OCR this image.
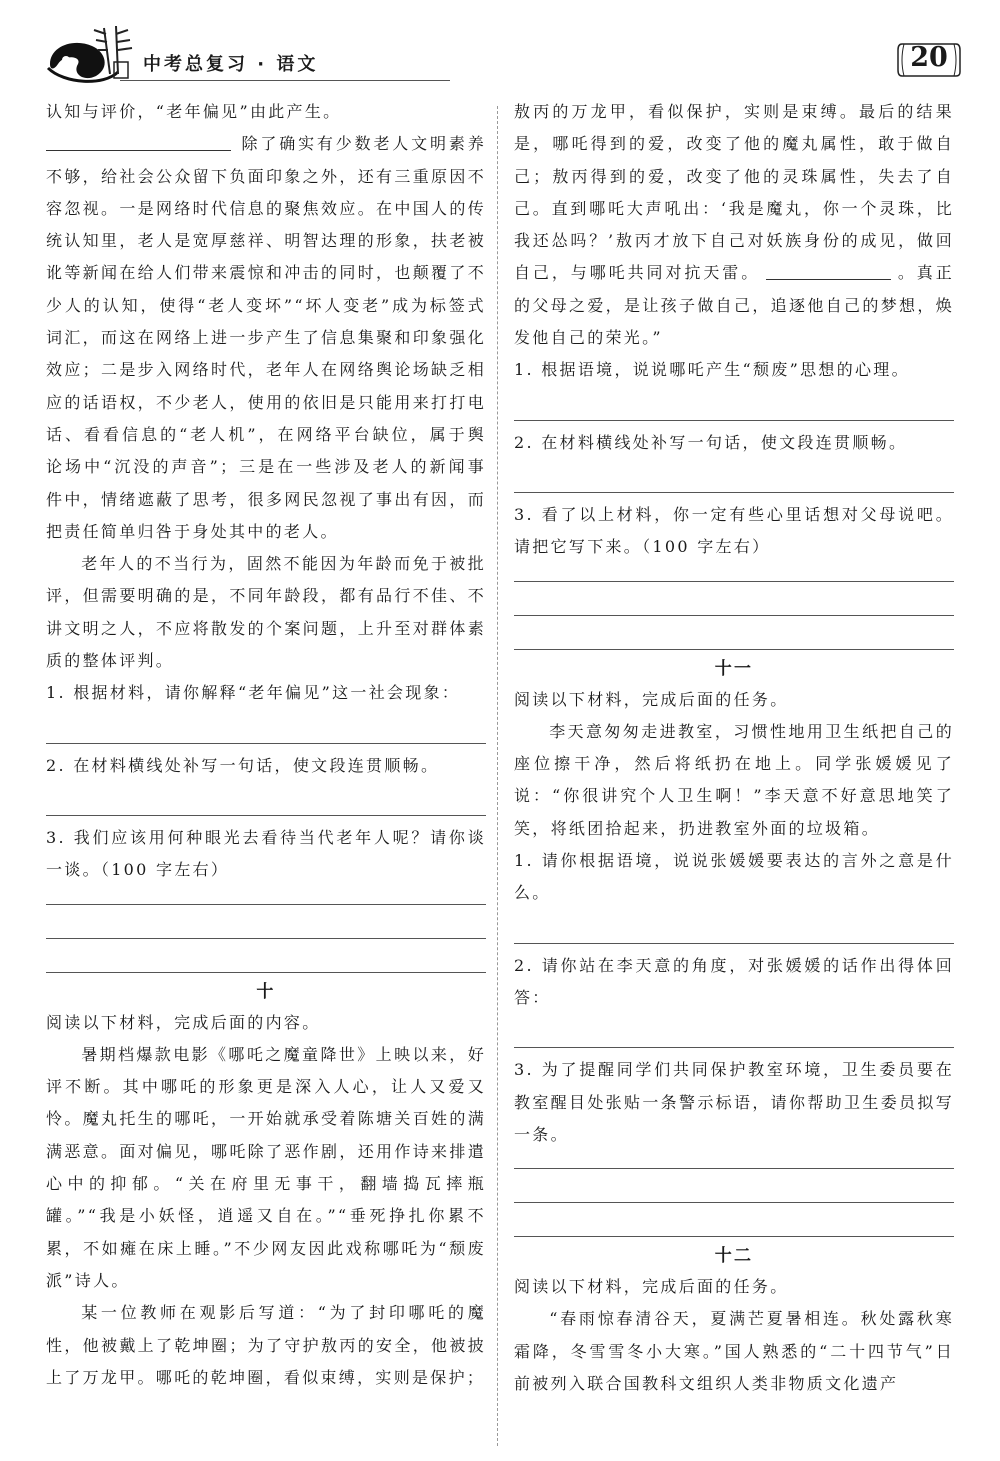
中考总复习 · 语文	20

认知与评价，“老年偏见”由此产生。

除了确实有少数老人文明素养不够，给社会公众留下负面印象之外，还有三重原因不容忽视。一是网络时代信息的聚焦效应。在中国人的传统认知里，老人是宽厚慈祥、明智达理的形象，扶老被讹等新闻在给人们带来震惊和冲击的同时，也颠覆了不少人的认知，使得“老人变坏”“坏人变老”成为标签式词汇，而这在网络上进一步产生了信息集聚和印象强化效应；二是步入网络时代，老年人在网络舆论场缺乏相应的话语权，不少老人，使用的依旧是只能用来打打电话、看看信息的“老人机”，在网络平台缺位，属于舆论场中“沉没的声音”；三是在一些涉及老人的新闻事件中，情绪遮蔽了思考，很多网民忽视了事出有因，而把责任简单归咎于身处其中的老人。

老年人的不当行为，固然不能因为年龄而免于被批评，但需要明确的是，不同年龄段，都有品行不佳、不讲文明之人，不应将散发的个案问题，上升至对群体素质的整体评判。

1. 根据材料，请你解释“老年偏见”这一社会现象：

2. 在材料横线处补写一句话，使文段连贯顺畅。

3. 我们应该用何种眼光去看待当代老年人呢？请你谈一谈。（100 字左右）

十

阅读以下材料，完成后面的内容。

暑期档爆款电影《哪吒之魔童降世》上映以来，好评不断。其中哪吒的形象更是深入人心，让人又爱又怜。魔丸托生的哪吒，一开始就承受着陈塘关百姓的满满恶意。面对偏见，哪吒除了恶作剧，还用作诗来排遣心中的抑郁。“关在府里无事干，翻墙捣瓦摔瓶罐。”“我是小妖怪，逍遥又自在。”“垂死挣扎你累不累，不如瘫在床上睡。”不少网友因此戏称哪吒为“颓废派”诗人。

某一位教师在观影后写道：“为了封印哪吒的魔性，他被戴上了乾坤圈；为了守护敖丙的安全，他被披上了万龙甲。哪吒的乾坤圈，看似束缚，实则是保护；

敖丙的万龙甲，看似保护，实则是束缚。最后的结果是，哪吒得到的爱，改变了他的魔丸属性，敢于做自己；敖丙得到的爱，改变了他的灵珠属性，失去了自己。直到哪吒大声吼出：‘我是魔丸，你一个灵珠，比我还怂吗？’敖丙才放下自己对妖族身份的成见，做回自己，与哪吒共同对抗天雷。	。真正的父母之爱，是让孩子做自己，追逐他自己的梦想，焕发他自己的荣光。”

1. 根据语境，说说哪吒产生“颓废”思想的心理。

2. 在材料横线处补写一句话，使文段连贯顺畅。

3. 看了以上材料，你一定有些心里话想对父母说吧。请把它写下来。（100 字左右）

十一

阅读以下材料，完成后面的任务。

李天意匆匆走进教室，习惯性地用卫生纸把自己的座位擦干净，然后将纸扔在地上。同学张媛媛见了说：“你很讲究个人卫生啊！”李天意不好意思地笑了笑，将纸团拾起来，扔进教室外面的垃圾箱。

1. 请你根据语境，说说张媛媛要表达的言外之意是什么。

2. 请你站在李天意的角度，对张媛媛的话作出得体回答：

3. 为了提醒同学们共同保护教室环境，卫生委员要在教室醒目处张贴一条警示标语，请你帮助卫生委员拟写一条。

十二

阅读以下材料，完成后面的任务。

“春雨惊春清谷天，夏满芒夏暑相连。秋处露秋寒霜降，冬雪雪冬小大寒。”国人熟悉的“二十四节气”日前被列入联合国教科文组织人类非物质文化遗产
